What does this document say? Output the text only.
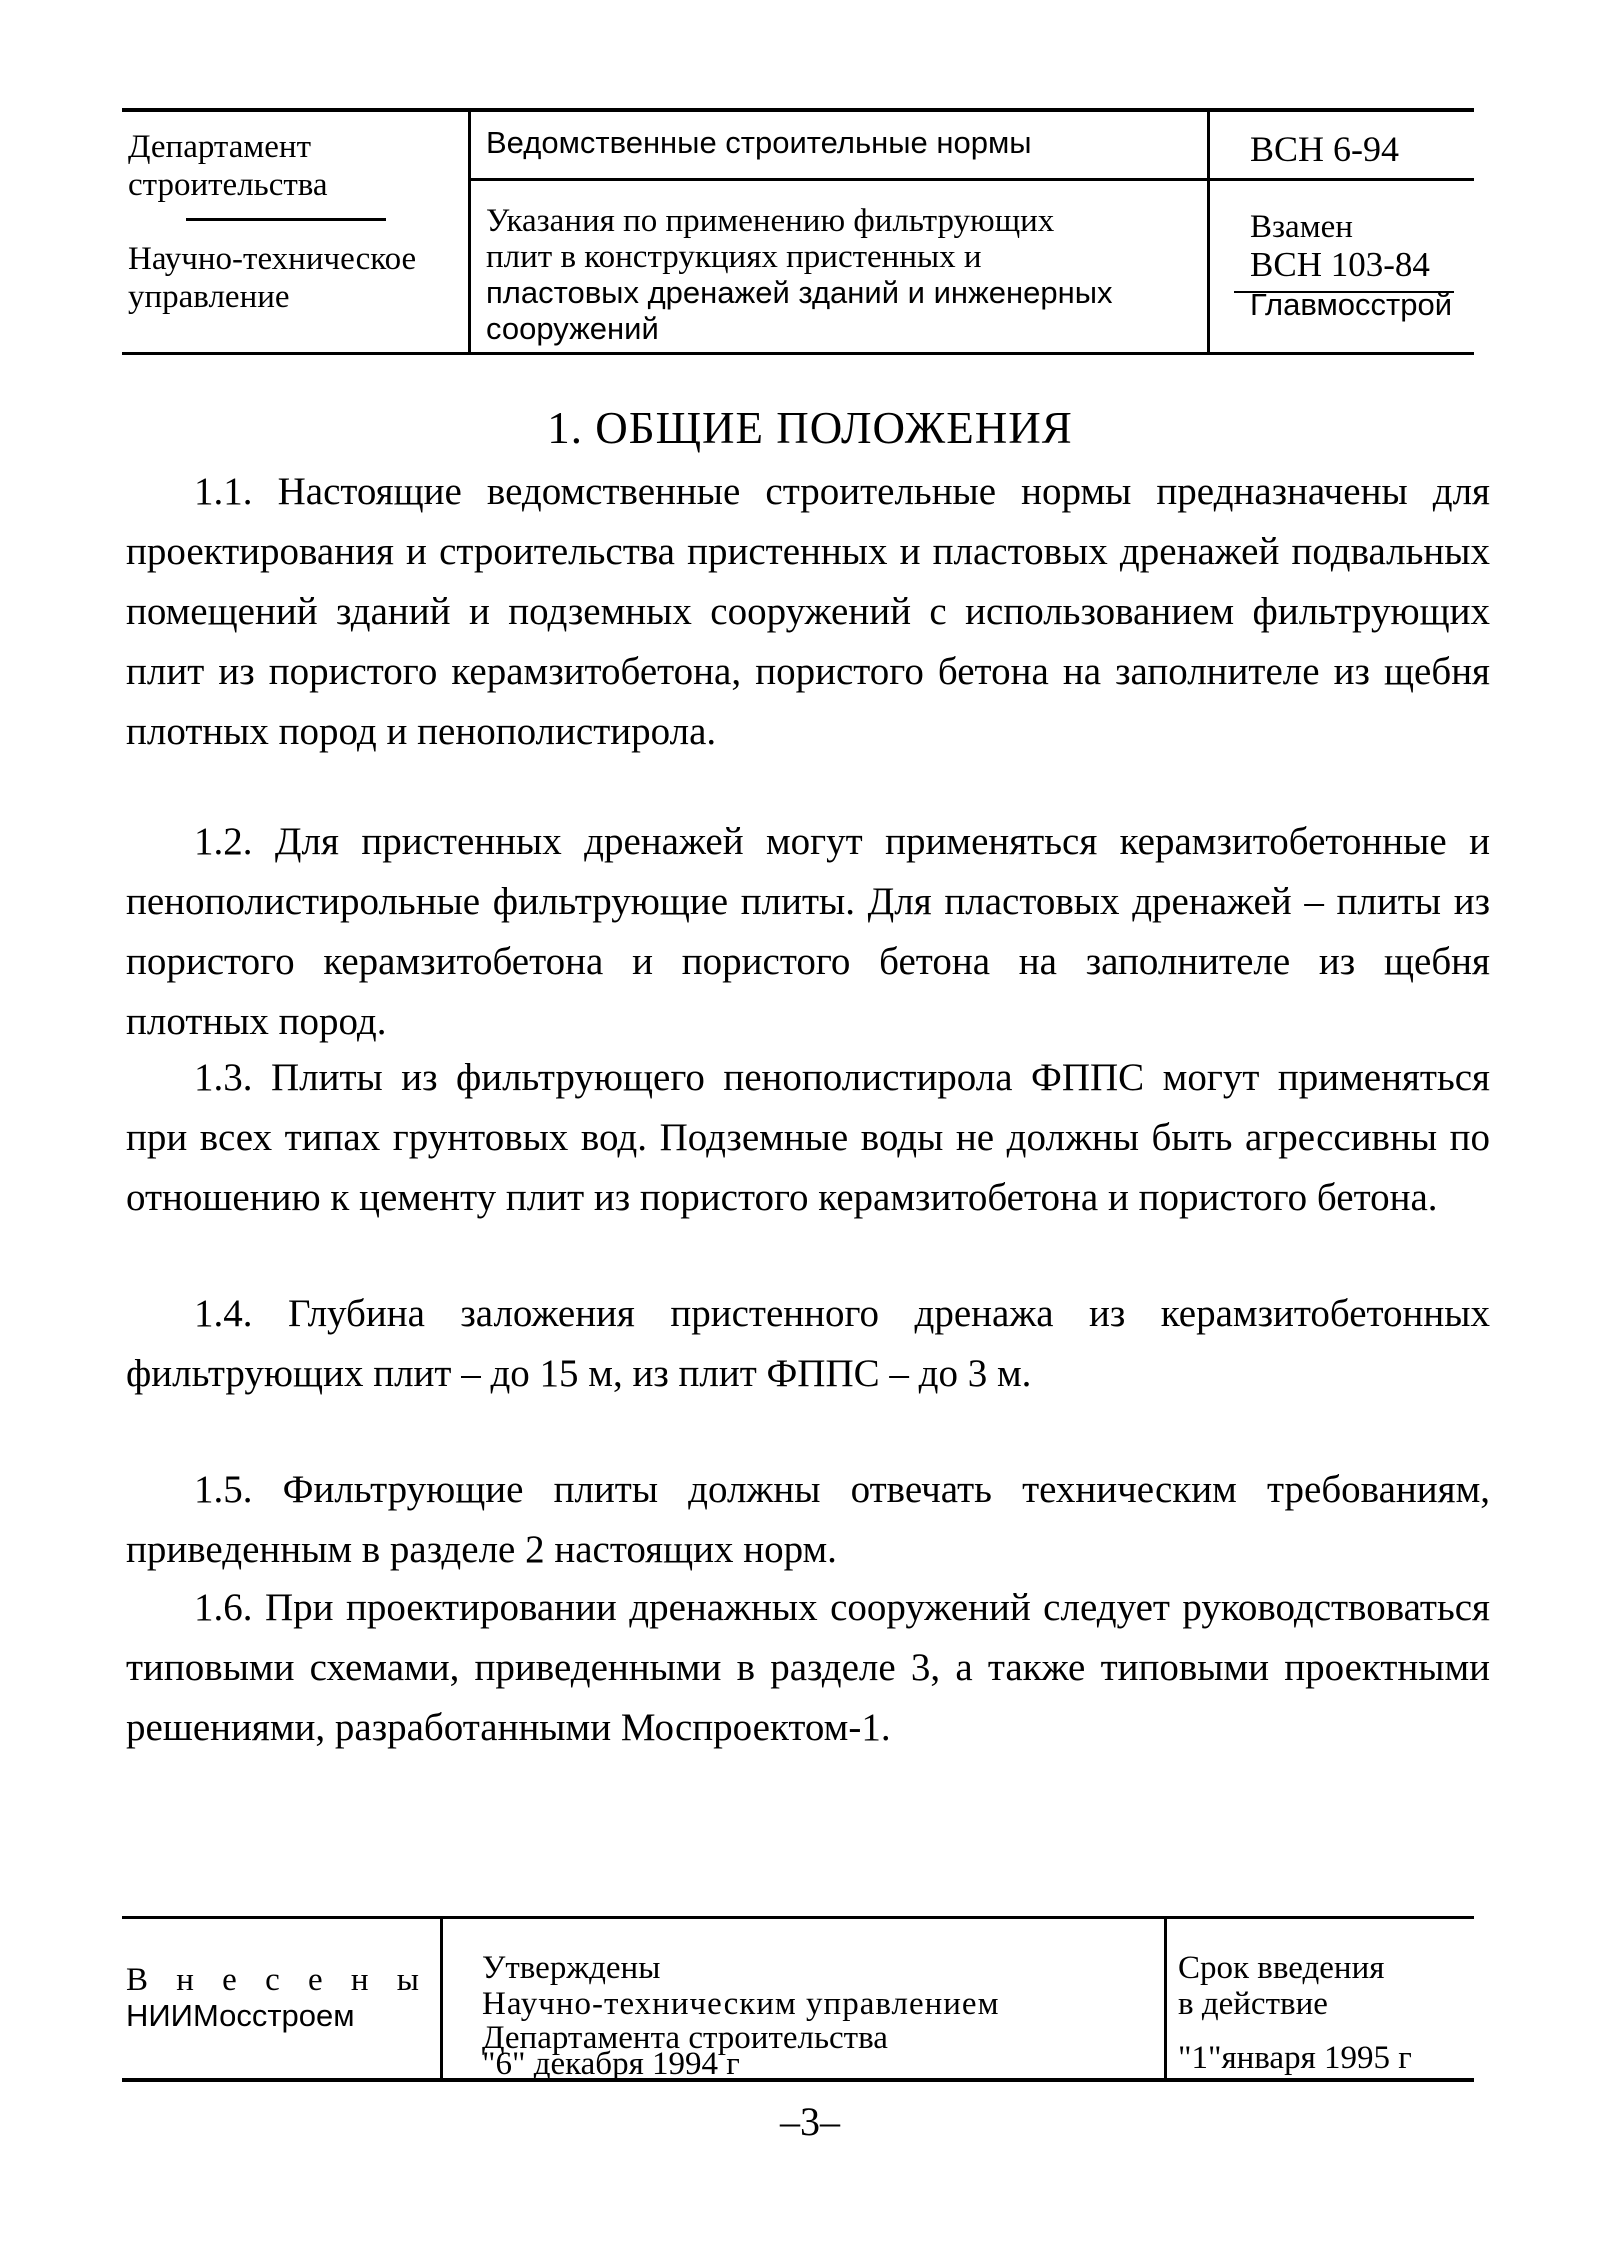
Департамент
строительства
Научно-техническое
управление
Ведомственные строительные нормы
Указания по применению фильтрующих
плит в конструкциях пристенных и
пластовых дренажей зданий и инженерных
сооружений
ВСН 6-94
Взамен
ВСН 103-84
Главмосстрой
1. ОБЩИЕ ПОЛОЖЕНИЯ

1.1. Настоящие ведомственные строительные нормы предназначены для проектирования и строительства пристенных и пластовых дренажей подвальных помещений зданий и подземных сооружений с использованием фильтрующих плит из пористого керамзитобетона, пористого бетона на заполнителе из щебня плотных пород и пенополистирола.

1.2. Для пристенных дренажей могут применяться керамзитобетонные и пенополистирольные фильтрующие плиты. Для пластовых дренажей – плиты из пористого керамзитобетона и пористого бетона на заполнителе из щебня плотных пород.

1.3. Плиты из фильтрующего пенополистирола ФППС могут применяться при всех типах грунтовых вод. Подземные воды не должны быть агрессивны по отношению к цементу плит из пористого керамзитобетона и пористого бетона.

1.4. Глубина заложения пристенного дренажа из керамзитобетонных фильтрующих плит – до 15 м, из плит ФППС – до 3 м.

1.5. Фильтрующие плиты должны отвечать техническим требованиям, приведенным в разделе 2 настоящих норм.

1.6. При проектировании дренажных сооружений следует руководствоваться типовыми схемами, приведенными в разделе 3, а также типовыми проектными решениями, разработанными Моспроектом-1.

В н е с е н ы
НИИМосстроем
Утверждены
Научно-техническим управлением
Департамента строительства
"6" декабря 1994 г
Срок введения
в действие
"1"января 1995 г
–3–
